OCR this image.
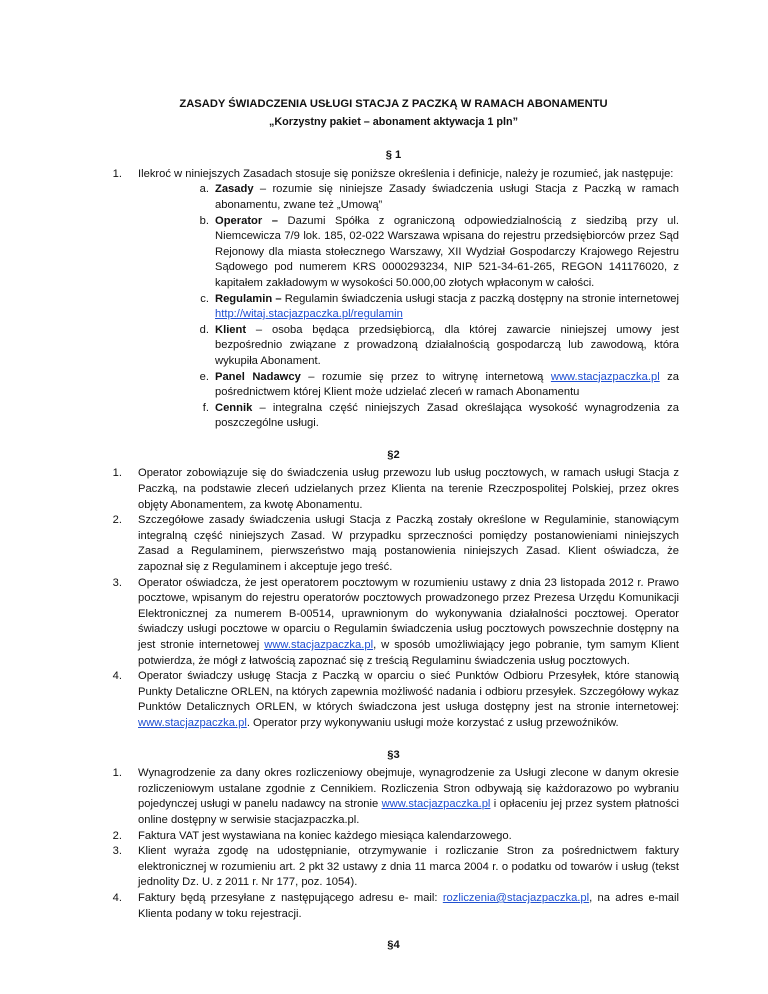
ZASADY ŚWIADCZENIA USŁUGI STACJA Z PACZKĄ W RAMACH ABONAMENTU

„Korzystny pakiet – abonament aktywacja 1 pln”

§ 1
1. Ilekroć w niniejszych Zasadach stosuje się poniższe określenia i definicje, należy je rozumieć, jak następuje:
a. Zasady – rozumie się niniejsze Zasady świadczenia usługi Stacja z Paczką w ramach abonamentu, zwane też „Umową”
b. Operator – Dazumi Spółka z ograniczoną odpowiedzialnością z siedzibą przy ul. Niemcewicza 7/9 lok. 185, 02-022 Warszawa wpisana do rejestru przedsiębiorców przez Sąd Rejonowy dla miasta stołecznego Warszawy, XII Wydział Gospodarczy Krajowego Rejestru Sądowego pod numerem KRS 0000293234, NIP 521-34-61-265, REGON 141176020, z kapitałem zakładowym w wysokości 50.000,00 złotych wpłaconym w całości.
c. Regulamin – Regulamin świadczenia usługi stacja z paczką dostępny na stronie internetowej http://witaj.stacjazpaczka.pl/regulamin
d. Klient – osoba będąca przedsiębiorcą, dla której zawarcie niniejszej umowy jest bezpośrednio związane z prowadzoną działalnością gospodarczą lub zawodową, która wykupiła Abonament.
e. Panel Nadawcy – rozumie się przez to witrynę internetową www.stacjazpaczka.pl za pośrednictwem której Klient może udzielać zleceń w ramach Abonamentu
f. Cennik – integralna część niniejszych Zasad określająca wysokość wynagrodzenia za poszczególne usługi.
§2
1. Operator zobowiązuje się do świadczenia usług przewozu lub usług pocztowych, w ramach usługi Stacja z Paczką, na podstawie zleceń udzielanych przez Klienta na terenie Rzeczpospolitej Polskiej, przez okres objęty Abonamentem, za kwotę Abonamentu.
2. Szczegółowe zasady świadczenia usługi Stacja z Paczką zostały określone w Regulaminie, stanowiącym integralną część niniejszych Zasad. W przypadku sprzeczności pomiędzy postanowieniami niniejszych Zasad a Regulaminem, pierwszeństwo mają postanowienia niniejszych Zasad. Klient oświadcza, że zapoznał się z Regulaminem i akceptuje jego treść.
3. Operator oświadcza, że jest operatorem pocztowym w rozumieniu ustawy z dnia 23 listopada 2012 r. Prawo pocztowe, wpisanym do rejestru operatorów pocztowych prowadzonego przez Prezesa Urzędu Komunikacji Elektronicznej za numerem B-00514, uprawnionym do wykonywania działalności pocztowej. Operator świadczy usługi pocztowe w oparciu o Regulamin świadczenia usług pocztowych powszechnie dostępny na jest stronie internetowej www.stacjazpaczka.pl, w sposób umożliwiający jego pobranie, tym samym Klient potwierdza, że mógł z łatwością zapoznać się z treścią Regulaminu świadczenia usług pocztowych.
4. Operator świadczy usługę Stacja z Paczką w oparciu o sieć Punktów Odbioru Przesyłek, które stanowią Punkty Detaliczne ORLEN, na których zapewnia możliwość nadania i odbioru przesyłek. Szczegółowy wykaz Punktów Detalicznych ORLEN, w których świadczona jest usługa dostępny jest na stronie internetowej: www.stacjazpaczka.pl. Operator przy wykonywaniu usługi może korzystać z usług przewoźników.
§3
1. Wynagrodzenie za dany okres rozliczeniowy obejmuje, wynagrodzenie za Usługi zlecone w danym okresie rozliczeniowym ustalane zgodnie z Cennikiem. Rozliczenia Stron odbywają się każdorazowo po wybraniu pojedynczej usługi w panelu nadawcy na stronie www.stacjazpaczka.pl i opłaceniu jej przez system płatności online dostępny w serwisie stacjazpaczka.pl.
2. Faktura VAT jest wystawiana na koniec każdego miesiąca kalendarzowego.
3. Klient wyraża zgodę na udostępnianie, otrzymywanie i rozliczanie Stron za pośrednictwem faktury elektronicznej w rozumieniu art. 2 pkt 32 ustawy z dnia 11 marca 2004 r. o podatku od towarów i usług (tekst jednolity Dz. U. z 2011 r. Nr 177, poz. 1054).
4. Faktury będą przesyłane z następującego adresu e- mail: rozliczenia@stacjazpaczka.pl, na adres e-mail Klienta podany w toku rejestracji.
§4
